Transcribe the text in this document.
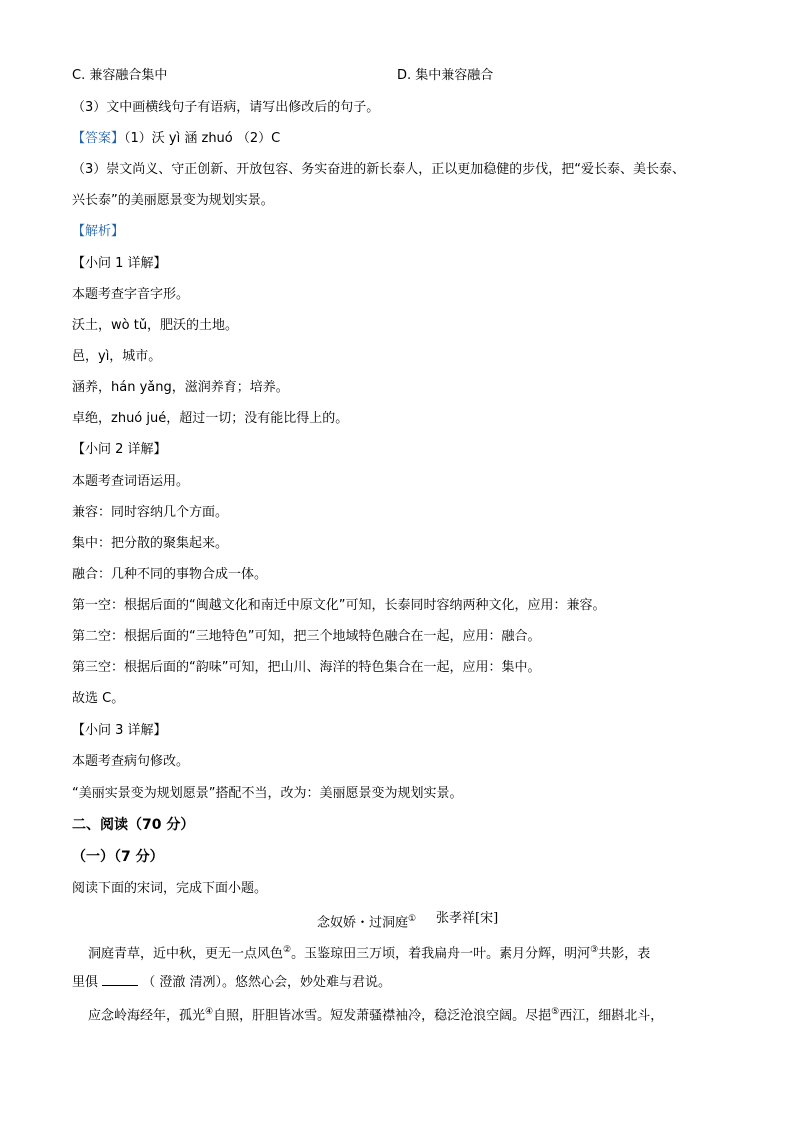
C. 兼容融合集中	D. 集中兼容融合
（3）文中画横线句子有语病，请写出修改后的句子。
【答案】（1）沃 yì 涵 zhuó （2）C
（3）崇文尚义、守正创新、开放包容、务实奋进的新长泰人，正以更加稳健的步伐，把“爱长泰、美长泰、
兴长泰”的美丽愿景变为规划实景。
【解析】
【小问 1 详解】
本题考查字音字形。
沃土，wò tǔ，肥沃的土地。
邑，yì，城市。
涵养，hán yǎng，滋润养育；培养。
卓绝，zhuó jué，超过一切；没有能比得上的。
【小问 2 详解】
本题考查词语运用。
兼容：同时容纳几个方面。
集中：把分散的聚集起来。
融合：几种不同的事物合成一体。
第一空：根据后面的“闽越文化和南迁中原文化”可知，长泰同时容纳两种文化，应用：兼容。
第二空：根据后面的“三地特色”可知，把三个地域特色融合在一起，应用：融合。
第三空：根据后面的“韵味”可知，把山川、海洋的特色集合在一起，应用：集中。
故选 C。
【小问 3 详解】
本题考查病句修改。
“美丽实景变为规划愿景”搭配不当，改为：美丽愿景变为规划实景。
二、阅读（70 分）
（一）（7 分）
阅读下面的宋词，完成下面小题。
念奴娇・过洞庭① 张孝祥[宋]
洞庭青草，近中秋，更无一点风色②。玉鉴琼田三万顷，着我扁舟一叶。素月分辉，明河③共影，表
里俱	（ 澄澈 清冽）。悠然心会，妙处难与君说。
应念岭海经年，孤光④自照，肝胆皆冰雪。短发萧骚襟袖冷，稳泛沧浪空阔。尽挹⑤西江，细斟北斗，
